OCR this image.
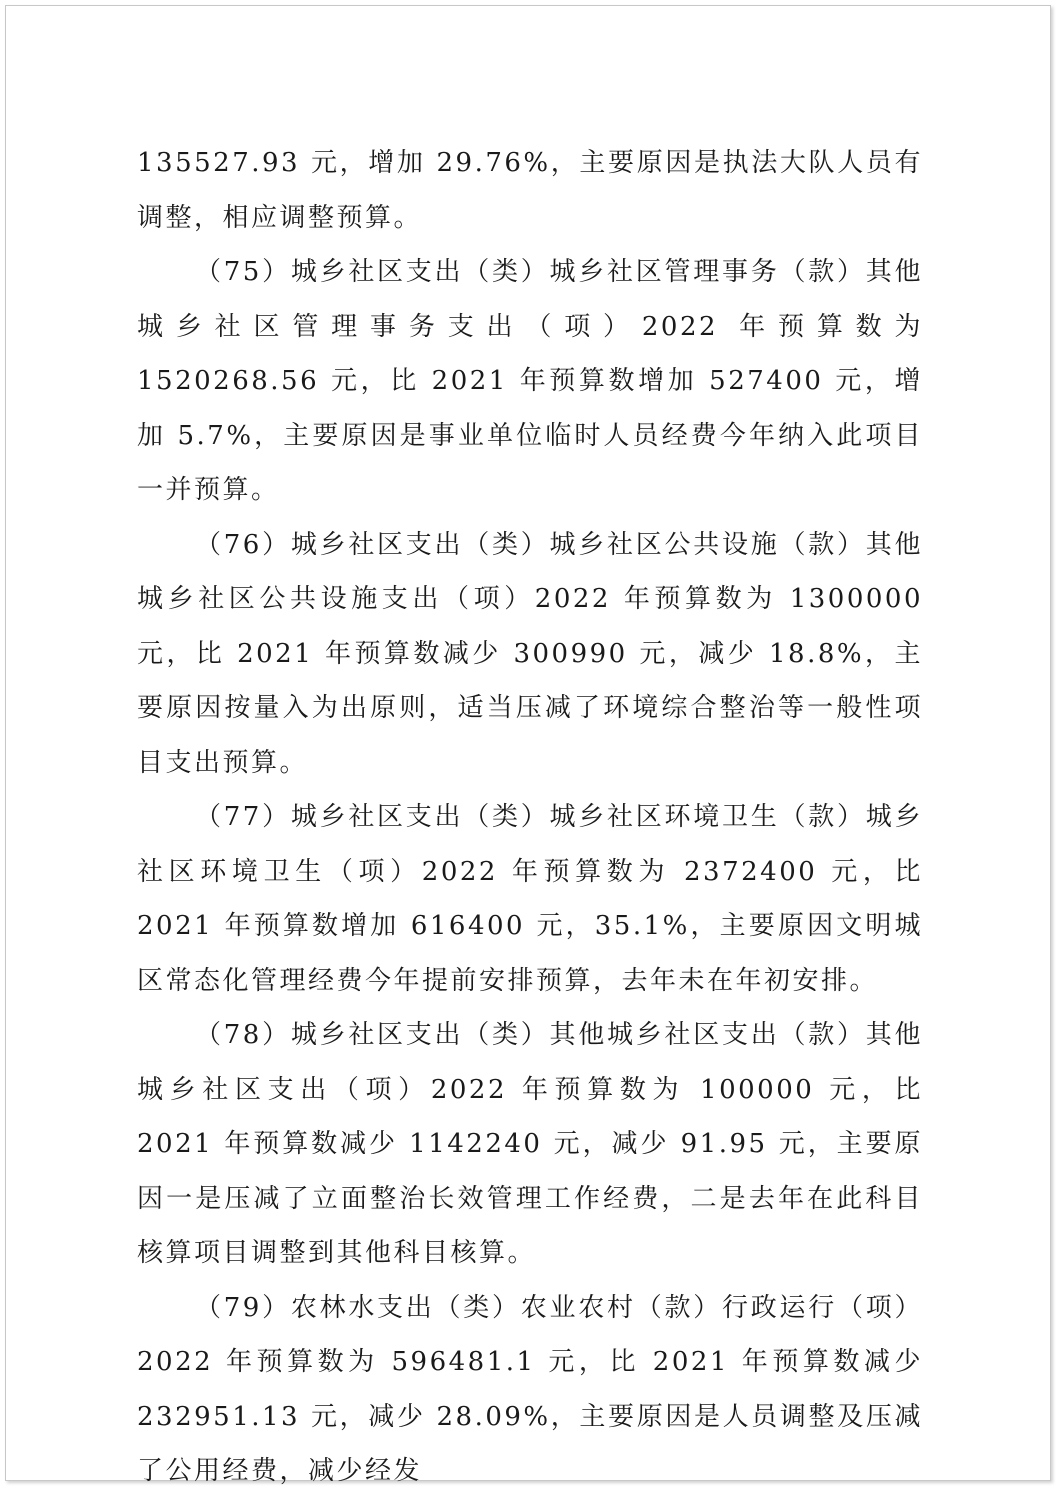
135527.93 元，增加 29.76%，主要原因是执法大队人员有调整，相应调整预算。

（75）城乡社区支出（类）城乡社区管理事务（款）其他城乡社区管理事务支出（项）2022 年预算数为 1520268.56 元，比 2021 年预算数增加 527400 元，增加 5.7%，主要原因是事业单位临时人员经费今年纳入此项目一并预算。

（76）城乡社区支出（类）城乡社区公共设施（款）其他城乡社区公共设施支出（项）2022 年预算数为 1300000 元，比 2021 年预算数减少 300990 元，减少 18.8%，主要原因按量入为出原则，适当压减了环境综合整治等一般性项目支出预算。

（77）城乡社区支出（类）城乡社区环境卫生（款）城乡社区环境卫生（项）2022 年预算数为 2372400 元，比 2021 年预算数增加 616400 元，35.1%，主要原因文明城区常态化管理经费今年提前安排预算，去年未在年初安排。

（78）城乡社区支出（类）其他城乡社区支出（款）其他城乡社区支出（项）2022 年预算数为 100000 元，比 2021 年预算数减少 1142240 元，减少 91.95 元，主要原因一是压减了立面整治长效管理工作经费，二是去年在此科目核算项目调整到其他科目核算。

（79）农林水支出（类）农业农村（款）行政运行（项）2022 年预算数为 596481.1 元，比 2021 年预算数减少 232951.13 元，减少 28.09%，主要原因是人员调整及压减了公用经费，减少经发
